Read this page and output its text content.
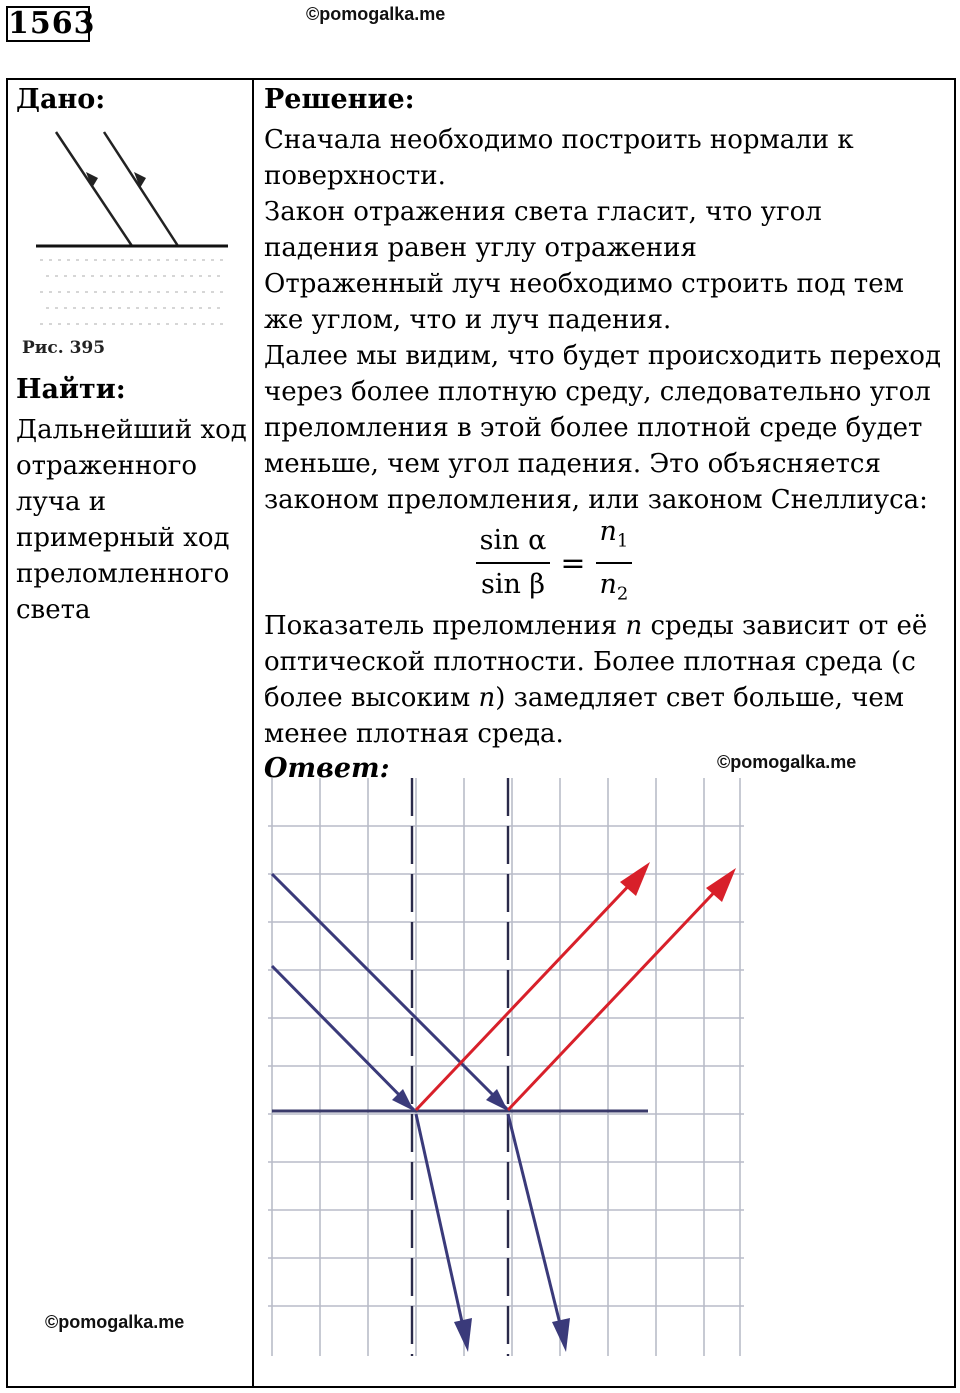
1563	©pomogalka.me
Дано:
Рис. 395
Найти:
Дальнейший ход отраженного луча и примерный ход преломленного света
Решение:
Сначала необходимо построить нормали к поверхности.
Закон отражения света гласит, что угол падения равен углу отражения
Отраженный луч необходимо строить под тем же углом, что и луч падения.
Далее мы видим, что будет происходить переход через более плотную среду, следовательно угол преломления в этой более плотной среде будет меньше, чем угол падения. Это объясняется законом преломления, или законом Снеллиуса:
$\frac{\text{sin α}}{\text{sin β}} = \frac{n_1}{n_2}$
Показатель преломления n среды зависит от её оптической плотности. Более плотная среда (с более высоким n) замедляет свет больше, чем менее плотная среда.
Ответ:	©pomogalka.me
©pomogalka.me
